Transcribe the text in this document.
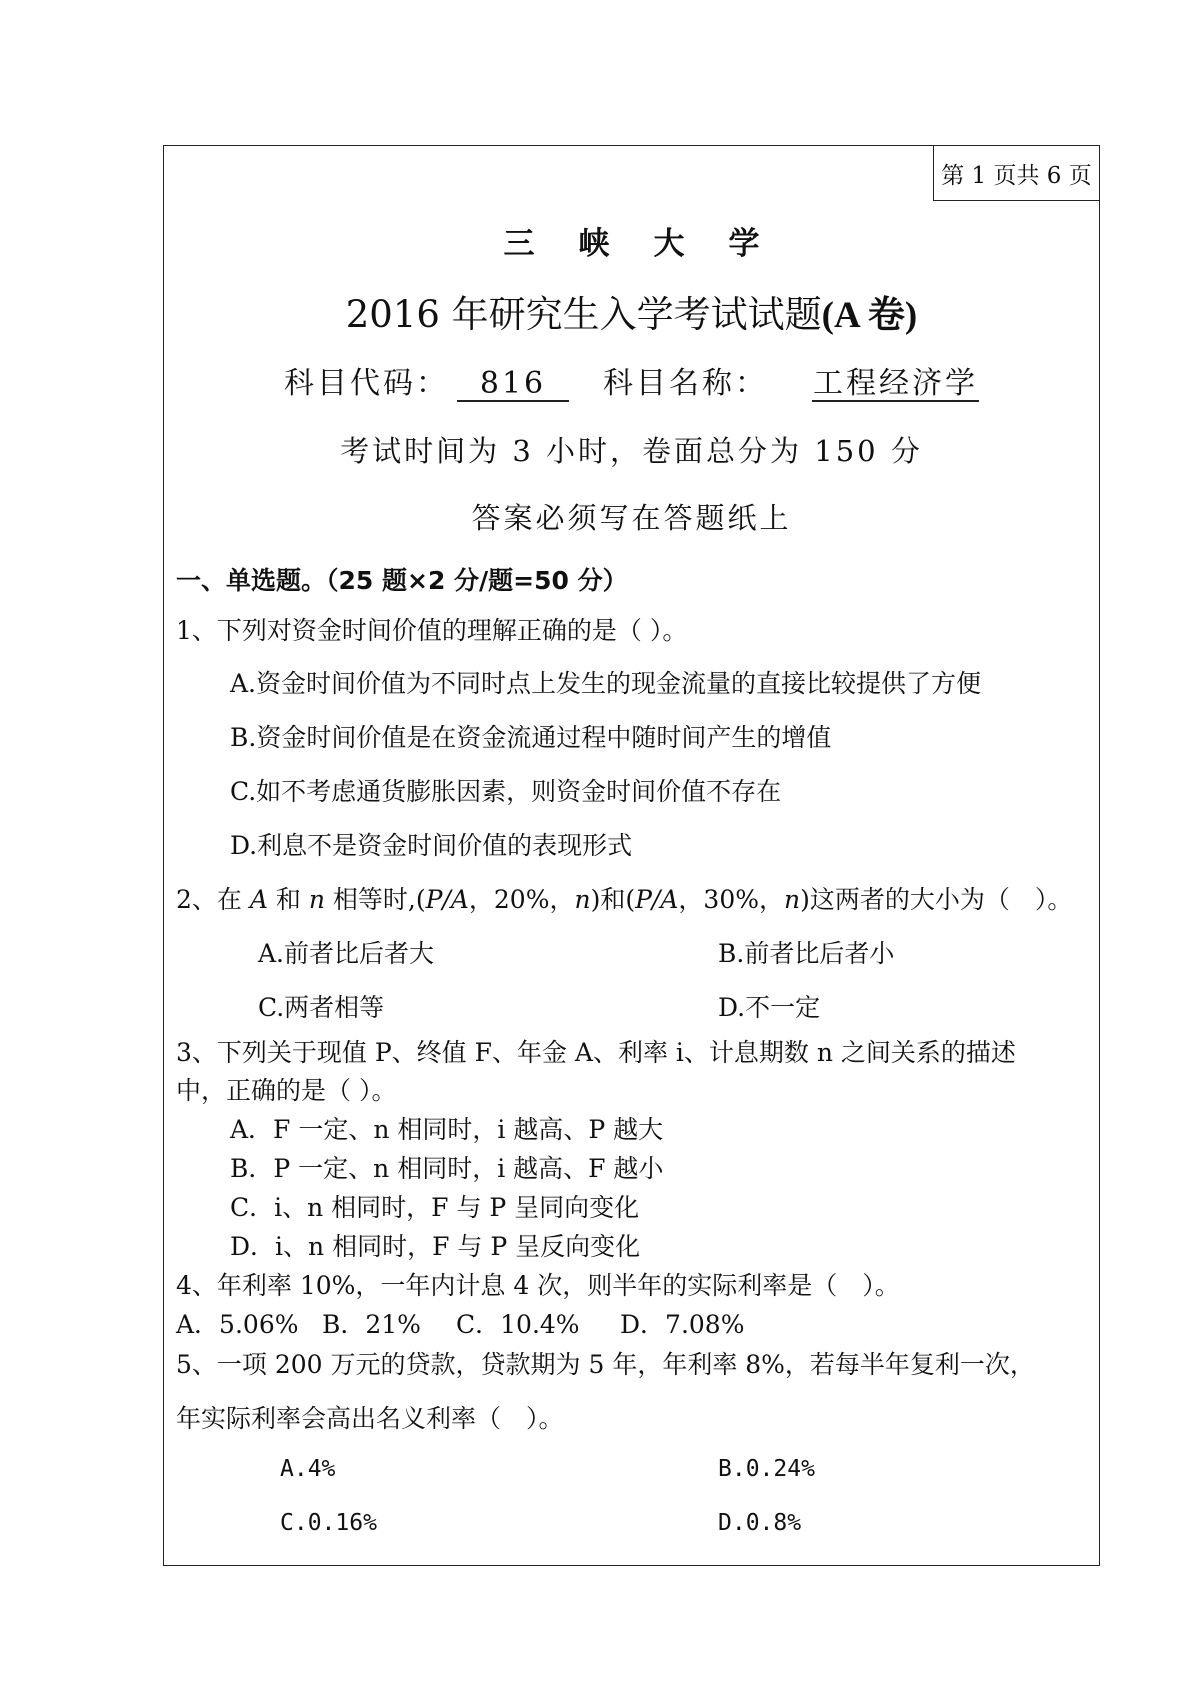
第 1 页共 6 页
三峡大学
2016 年研究生入学考试试题(A 卷)
科目代码： 816 科目名称： 工程经济学
考试时间为 3 小时，卷面总分为 150 分
答案必须写在答题纸上
一、单选题。（25 题×2 分/题=50 分）
1、下列对资金时间价值的理解正确的是（ ）。
A.资金时间价值为不同时点上发生的现金流量的直接比较提供了方便
B.资金时间价值是在资金流通过程中随时间产生的增值
C.如不考虑通货膨胀因素，则资金时间价值不存在
D.利息不是资金时间价值的表现形式
2、在 A 和 n 相等时,(P/A，20%，n)和(P/A，30%，n)这两者的大小为（　）。
A.前者比后者大	B.前者比后者小
C.两者相等	D.不一定
3、下列关于现值 P、终值 F、年金 A、利率 i、计息期数 n 之间关系的描述
中，正确的是（ ）。
A．F 一定、n 相同时，i 越高、P 越大
B．P 一定、n 相同时，i 越高、F 越小
C．i、n 相同时，F 与 P 呈同向变化
D．i、n 相同时，F 与 P 呈反向变化
4、年利率 10%，一年内计息 4 次，则半年的实际利率是（　）。
A．5.06% B．21% C．10.4% D．7.08%
5、一项 200 万元的贷款，贷款期为 5 年，年利率 8%，若每半年复利一次，
年实际利率会高出名义利率（　）。
A.4%	B.0.24%
C.0.16%	D.0.8%
